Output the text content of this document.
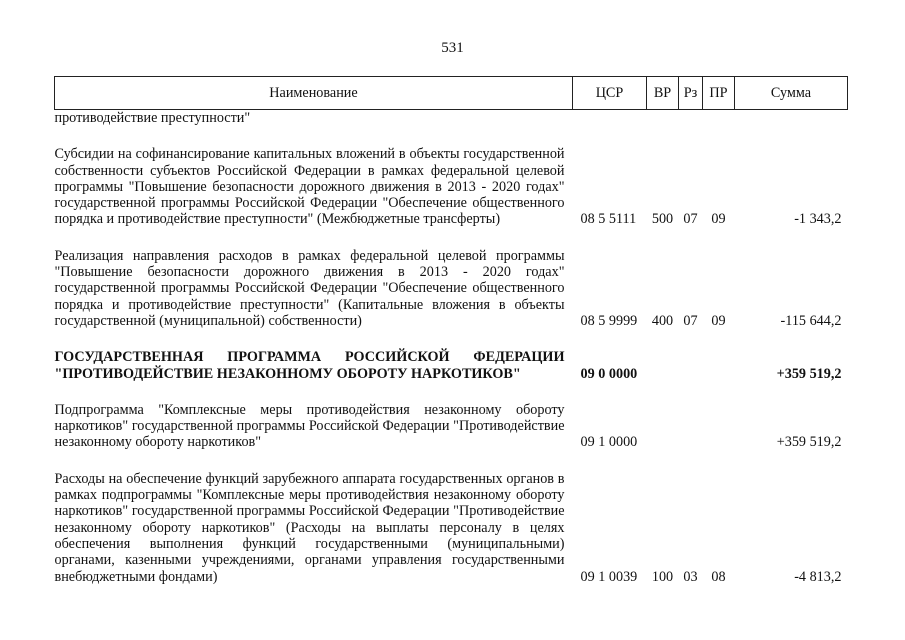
531
Наименование	ЦСР	ВР	Рз	ПР	Сумма
противодействие преступности"					

Субсидии на софинансирование капитальных вложений в объекты государственной собственности субъектов Российской Федерации в рамках федеральной целевой программы "Повышение безопасности дорожного движения в 2013 - 2020 годах" государственной программы Российской Федерации "Обеспечение общественного порядка и противодействие преступности" (Межбюджетные трансферты)	08 5 5111	500	07	09	-1 343,2

Реализация направления расходов в рамках федеральной целевой программы "Повышение безопасности дорожного движения в 2013 - 2020 годах" государственной программы Российской Федерации "Обеспечение общественного порядка и противодействие преступности" (Капитальные вложения в объекты государственной (муниципальной) собственности)	08 5 9999	400	07	09	-115 644,2

ГОСУДАРСТВЕННАЯ ПРОГРАММА РОССИЙСКОЙ ФЕДЕРАЦИИ "ПРОТИВОДЕЙСТВИЕ НЕЗАКОННОМУ ОБОРОТУ НАРКОТИКОВ"	09 0 0000				+359 519,2

Подпрограмма "Комплексные меры противодействия незаконному обороту наркотиков" государственной программы Российской Федерации "Противодействие незаконному обороту наркотиков"	09 1 0000				+359 519,2

Расходы на обеспечение функций зарубежного аппарата государственных органов в рамках подпрограммы "Комплексные меры противодействия незаконному обороту наркотиков" государственной программы Российской Федерации "Противодействие незаконному обороту наркотиков" (Расходы на выплаты персоналу в целях обеспечения выполнения функций государственными (муниципальными) органами, казенными учреждениями, органами управления государственными внебюджетными фондами)	09 1 0039	100	03	08	-4 813,2
